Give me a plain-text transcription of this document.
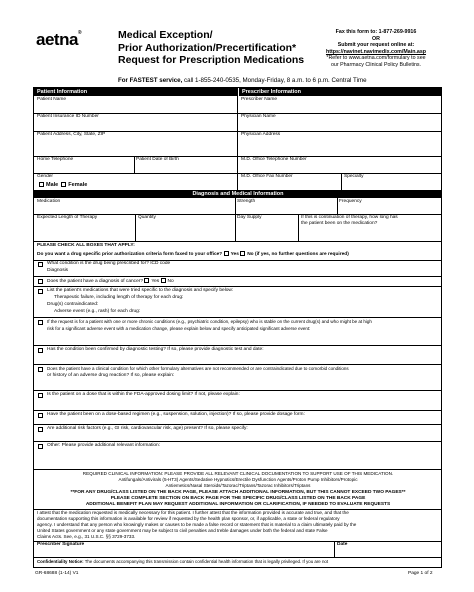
aetna®	Medical Exception/
Prior Authorization/Precertification*
Request for Prescription Medications
Fax this form to: 1-877-269-9916
OR
Submit your request online at:
https://navinet.navimedix.com/Main.asp
*Refer to www.aetna.com/formulary to see
our Pharmacy Clinical Policy Bulletins.
For FASTEST service, call 1-855-240-0535, Monday-Friday, 8 a.m. to 6 p.m. Central Time
Patient Information	Prescriber Information
Patient Name
Patient Insurance ID Number
Patient Address, City, State, ZIP
Home Telephone	Patient Date of Birth
Gender
Male Female
Prescriber Name
Physician Name
Physician Address
M.D. Office Telephone Number
M.D. Office Fax Number	Specialty
Diagnosis and Medical Information
Medication	Strength	Frequency
Expected Length of Therapy	Quantity	Day Supply	If this is continuation of therapy, how long has
the patient been on the medication?
PLEASE CHECK ALL BOXES THAT APPLY:
Do you want a drug specific prior authorization criteria form faxed to your office? Yes No (if yes, no further questions are required)
What condition is the drug being prescribed for? ICD code
Diagnosis
Does the patient have a diagnosis of cancer? Yes No
List the patient's medications that were tried specific to the diagnosis and specify below:
Therapeutic failure, including length of therapy for each drug:
Drug(s) contraindicated:
Adverse event (e.g., rash) for each drug:
If the request is for a patient with one or more chronic conditions (e.g., psychiatric condition, epilepsy) who is stable on the current drug(s) and who might be at high
risk for a significant adverse event with a medication change, please explain below and specify anticipated significant adverse event:
Has the condition been confirmed by diagnostic testing? If so, please provide diagnostic test and date:
Does the patient have a clinical condition for which other formulary alternatives are not recommended or are contraindicated due to comorbid conditions
or history of an adverse drug reaction? If so, please explain:
Is the patient on a dose that is within the FDA-approved dosing limit? If not, please explain:
Have the patient been on a dose-based regimen (e.g., suspension, solution, injection)? If so, please provide dosage form:
Are additional risk factors (e.g., GI risk, cardiovascular risk, age) present? If so, please specify:
Other: Please provide additional relevant information:
REQUIRED CLINICAL INFORMATION: PLEASE PROVIDE ALL RELEVANT CLINICAL DOCUMENTATION TO SUPPORT USE OF THIS MEDICATION.
Antifungals/Antivirals (5-HT3) Agents/Sedative Hypnotics/Erectile Dysfunction Agents/Proton Pump Inhibitors/Protopic
Antiemetics/Nasal Steroids/Tazorac/Triptans/Tazorac Inhibitors/Triptans
**FOR ANY DRUG/CLASS LISTED ON THE BACK PAGE, PLEASE ATTACH ADDITIONAL INFORMATION, BUT THIS CANNOT EXCEED TWO PAGES**
PLEASE COMPLETE SECTION ON BACK PAGE FOR THE SPECIFIC DRUG/CLASS LISTED ON THE BACK PAGE
ADDITIONAL BENEFIT PLAN MAY REQUEST ADDITIONAL INFORMATION OR CLARIFICATION, IF NEEDED TO EVALUATE REQUESTS
I attest that the medication requested is medically necessary for this patient. I further attest that the information provided is accurate and true, and that the
documentation supporting this information is available for review if requested by the health plan sponsor, or, if applicable, a state or federal regulatory
agency. I understand that any person who knowingly makes or causes to be made a false record or statement that is material to a claim ultimately paid by the
United States government or any state government may be subject to civil penalties and treble damages under both the federal and state False
Claims Acts. See, e.g., 31 U.S.C. §§ 3729-3733.
Prescriber Signature	Date
Confidentiality Notice: The documents accompanying this transmission contain confidential health information that is legally privileged. If you are not
GR-68688 (1-14) V1	Page 1 of 2
